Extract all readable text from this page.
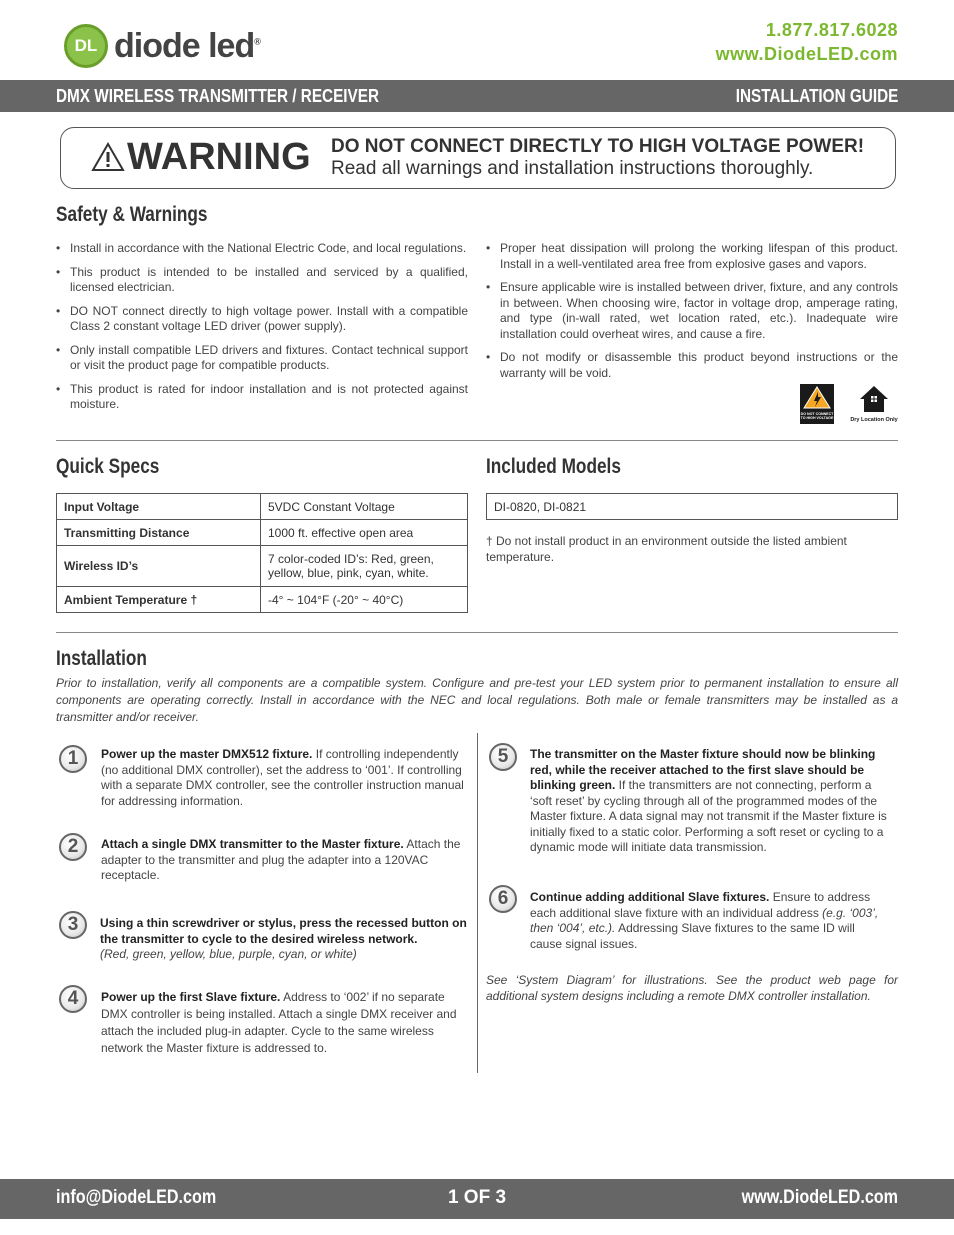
DL diode led®
1.877.817.6028
www.DiodeLED.com
DMX WIRELESS TRANSMITTER / RECEIVER	INSTALLATION GUIDE
WARNING DO NOT CONNECT DIRECTLY TO HIGH VOLTAGE POWER!
Read all warnings and installation instructions thoroughly.
Safety & Warnings
• Install in accordance with the National Electric Code, and local regulations.
• This product is intended to be installed and serviced by a qualified, licensed electrician.
• DO NOT connect directly to high voltage power. Install with a compatible Class 2 constant voltage LED driver (power supply).
• Only install compatible LED drivers and fixtures. Contact technical support or visit the product page for compatible products.
• This product is rated for indoor installation and is not protected against moisture.
• Proper heat dissipation will prolong the working lifespan of this product. Install in a well-ventilated area free from explosive gases and vapors.
• Ensure applicable wire is installed between driver, fixture, and any controls in between. When choosing wire, factor in voltage drop, amperage rating, and type (in-wall rated, wet location rated, etc.). Inadequate wire installation could overheat wires, and cause a fire.
• Do not modify or disassemble this product beyond instructions or the warranty will be void.
DO NOT CONNECT
TO HIGH VOLTAGE	Dry Location Only
Quick Specs
Input Voltage	5VDC Constant Voltage
Transmitting Distance	1000 ft. effective open area
Wireless ID’s	7 color-coded ID’s: Red, green, yellow, blue, pink, cyan, white.
Ambient Temperature †	-4° ~ 104°F (-20° ~ 40°C)
Included Models
DI-0820, DI-0821
† Do not install product in an environment outside the listed ambient temperature.
Installation
Prior to installation, verify all components are a compatible system. Configure and pre-test your LED system prior to permanent installation to ensure all components are operating correctly. Install in accordance with the NEC and local regulations. Both male or female transmitters may be installed as a transmitter and/or receiver.
1	Power up the master DMX512 fixture. If controlling independently (no additional DMX controller), set the address to ‘001’. If controlling with a separate DMX controller, see the controller instruction manual for addressing information.
2	Attach a single DMX transmitter to the Master fixture. Attach the adapter to the transmitter and plug the adapter into a 120VAC receptacle.
3	Using a thin screwdriver or stylus, press the recessed button on the transmitter to cycle to the desired wireless network.
(Red, green, yellow, blue, purple, cyan, or white)
4	Power up the first Slave fixture. Address to ‘002’ if no separate DMX controller is being installed. Attach a single DMX receiver and attach the included plug-in adapter. Cycle to the same wireless network the Master fixture is addressed to.
5	The transmitter on the Master fixture should now be blinking red, while the receiver attached to the first slave should be blinking green. If the transmitters are not connecting, perform a ‘soft reset’ by cycling through all of the programmed modes of the Master fixture. A data signal may not transmit if the Master fixture is initially fixed to a static color. Performing a soft reset or cycling to a dynamic mode will initiate data transmission.
6	Continue adding additional Slave fixtures. Ensure to address each additional slave fixture with an individual address (e.g. ‘003’, then ‘004’, etc.). Addressing Slave fixtures to the same ID will cause signal issues.
See ‘System Diagram’ for illustrations. See the product web page for additional system designs including a remote DMX controller installation.
info@DiodeLED.com	1 OF 3	www.DiodeLED.com
